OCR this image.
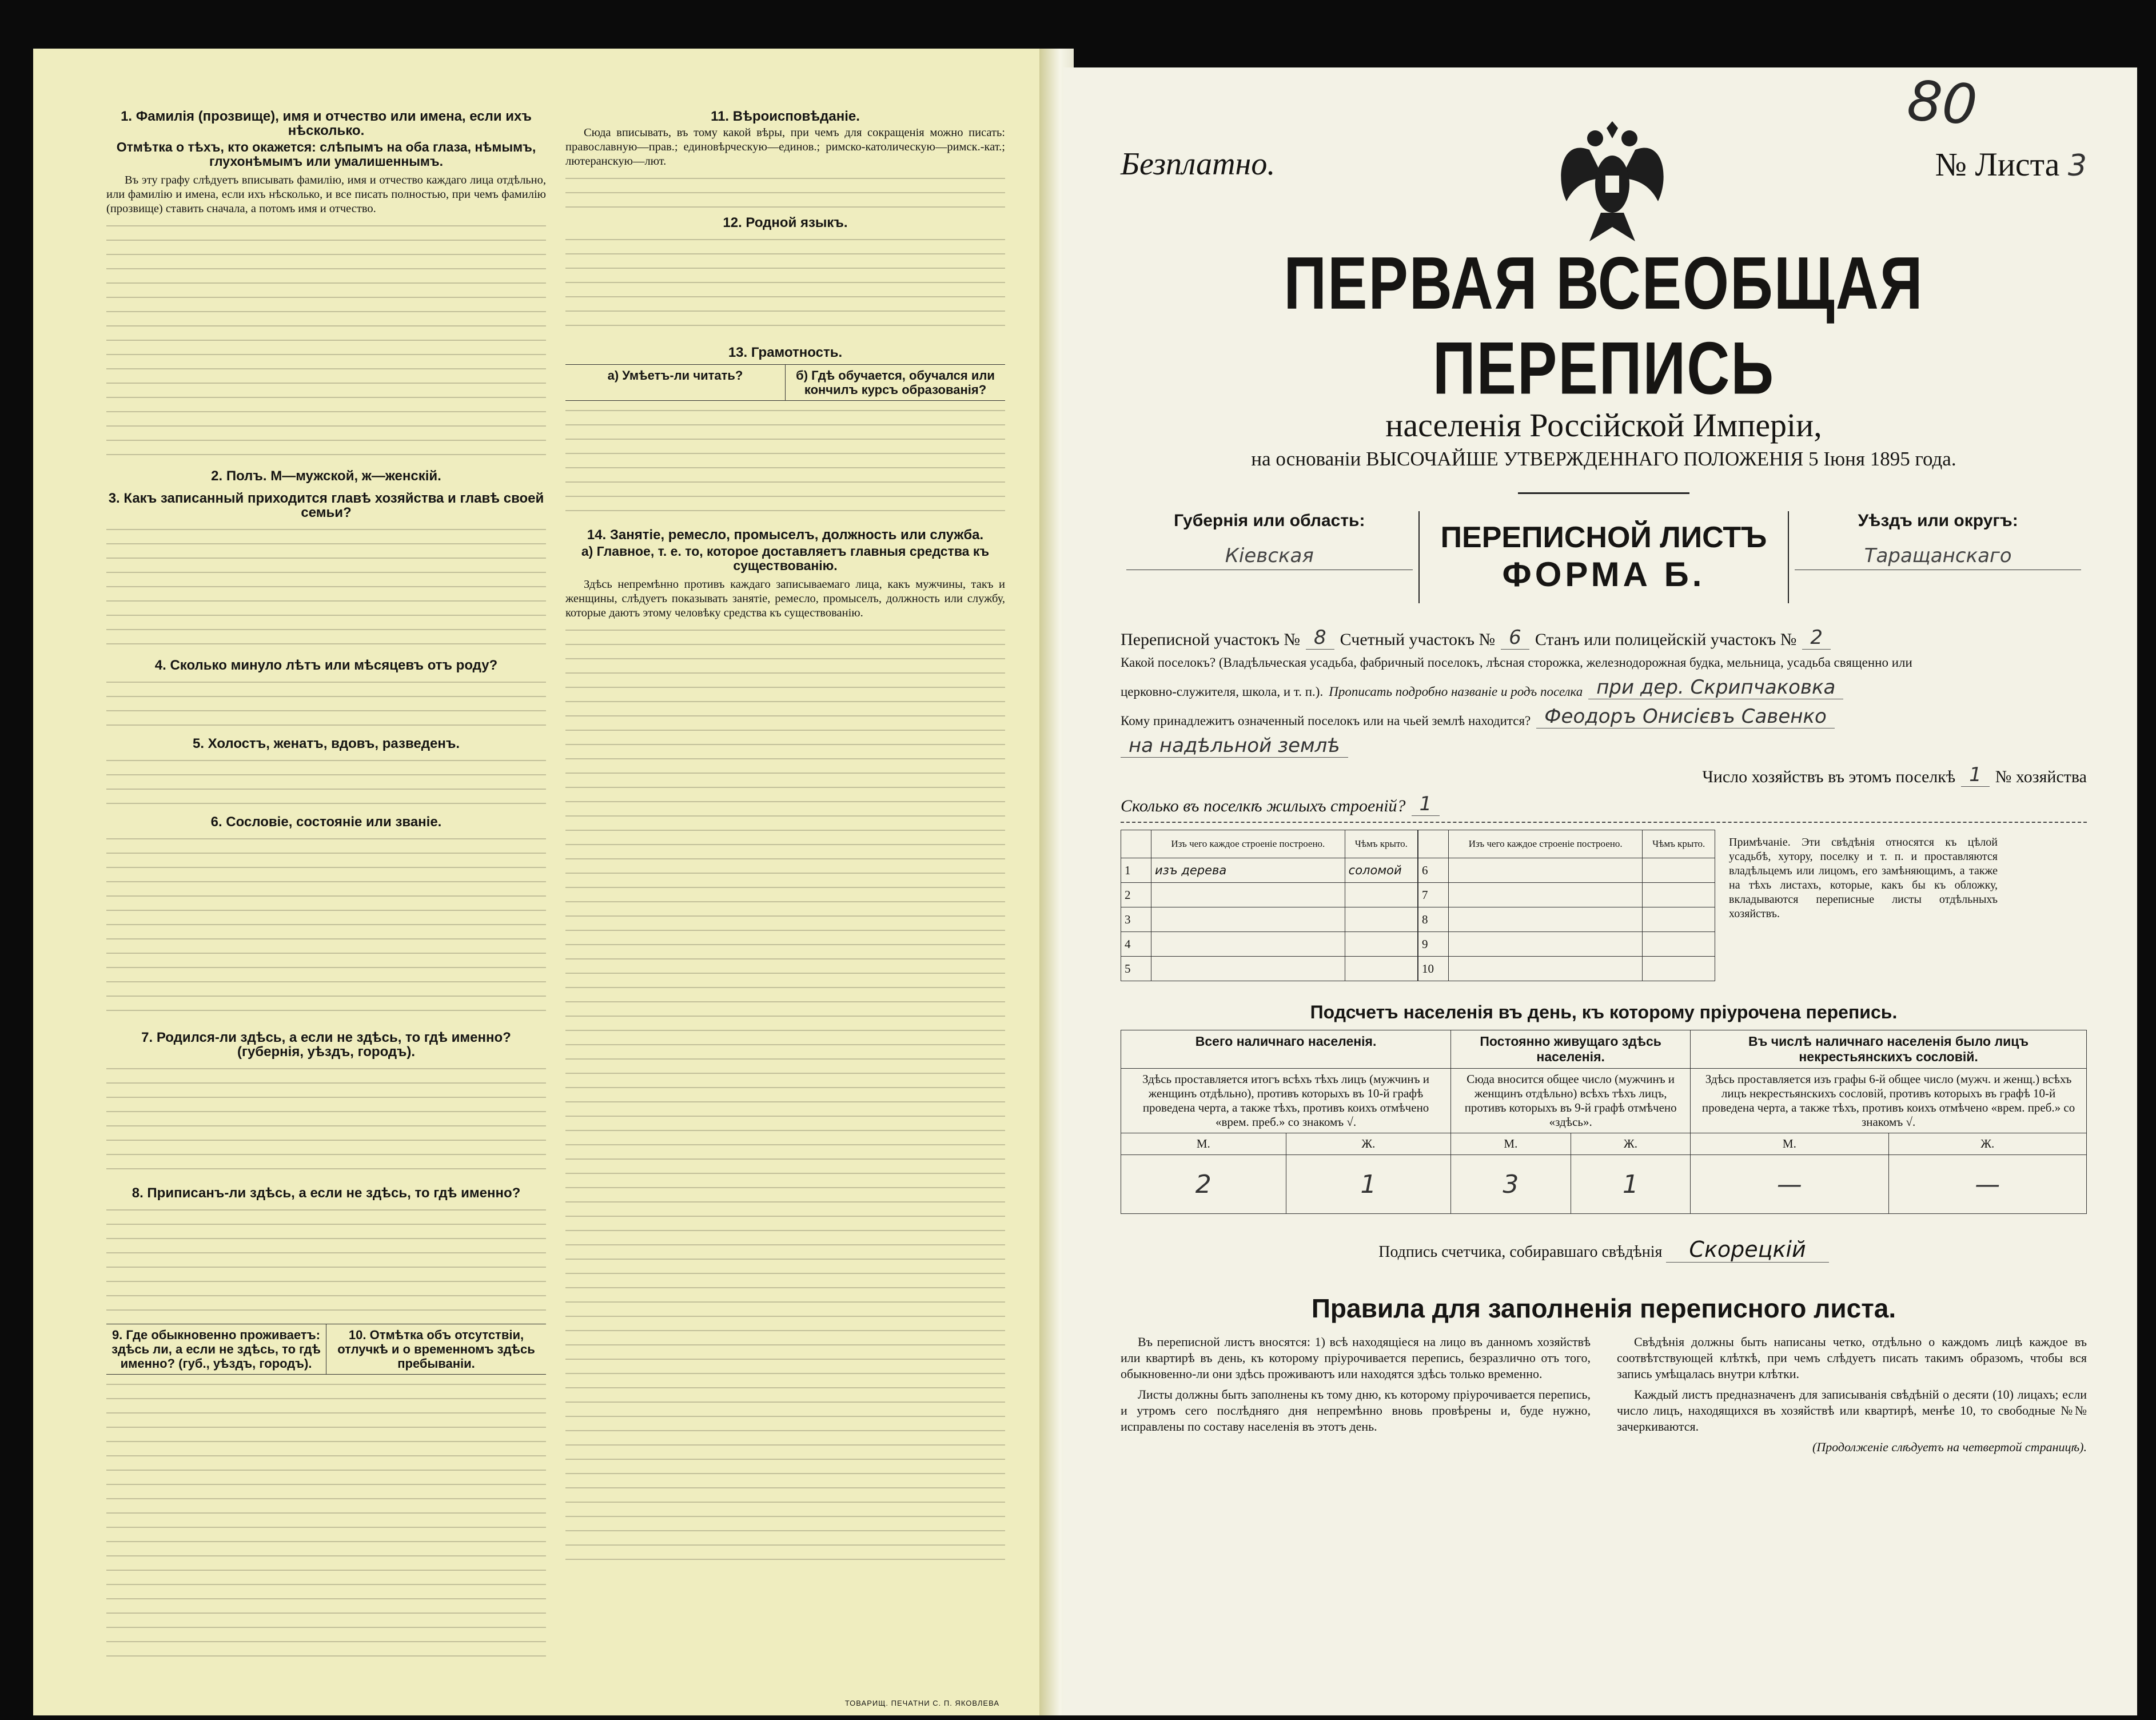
1. Фамилія (прозвище), имя и отчество или имена, если ихъ нѣсколько.
Отмѣтка о тѣхъ, кто окажется: слѣпымъ на оба глаза, нѣмымъ, глухонѣмымъ или умалишеннымъ.

Въ эту графу слѣдуетъ вписывать фамилію, имя и отчество каждаго лица отдѣльно, или фамилію и имена, если ихъ нѣсколько, и все писать полностью, при чемъ фамилію (прозвище) ставить сначала, а потомъ имя и отчество.

2. Полъ. М—мужской, ж—женскій.
3. Какъ записанный приходится главѣ хозяйства и главѣ своей семьи?
4. Сколько минуло лѣтъ или мѣсяцевъ отъ роду?
5. Холостъ, женатъ, вдовъ, разведенъ.
6. Сословіе, состояніе или званіе.
7. Родился-ли здѣсь, а если не здѣсь, то гдѣ именно? (губернія, уѣздъ, городъ).
8. Приписанъ-ли здѣсь, а если не здѣсь, то гдѣ именно?
9. Где обыкновенно проживаетъ: здѣсь ли, а если не здѣсь, то гдѣ именно? (губ., уѣздъ, городъ).
10. Отмѣтка объ отсутствіи, отлучкѣ и о временномъ здѣсь пребываніи.
11. Вѣроисповѣданіе.

Сюда вписывать, въ тому какой вѣры, при чемъ для сокращенія можно писать: православную—прав.; единовѣрческую—единов.; римско-католическую—римск.-кат.; лютеранскую—лют.

12. Родной языкъ.
13. Грамотность.
а) Умѣетъ-ли читать?	б) Гдѣ обучается, обучался или кончилъ курсъ образованія?
14. Занятіе, ремесло, промыселъ, должность или служба.
а) Главное, т. е. то, которое доставляетъ главныя средства къ существованію.

Здѣсь непремѣнно противъ каждаго записываемаго лица, какъ мужчины, такъ и женщины, слѣдуетъ показывать занятіе, ремесло, промыселъ, должность или службу, которые даютъ этому человѣку средства къ существованію.

ТОВАРИЩ. ПЕЧАТНИ С. П. ЯКОВЛЕВА
80
Безплатно.	№ Листа 3
ПЕРВАЯ ВСЕОБЩАЯ ПЕРЕПИСЬ
населенія Россійской Имперіи,
на основаніи ВЫСОЧАЙШЕ УТВЕРЖДЕННАГО ПОЛОЖЕНІЯ 5 Іюня 1895 года.
Губернія или область:
Кіевская
ПЕРЕПИСНОЙ ЛИСТЪ
ФОРМА Б.
Уѣздъ или округъ:
Таращанскаго
Переписной участокъ № 8 Счетный участокъ № 6 Станъ или полицейскій участокъ № 2
Какой поселокъ? (Владѣльческая усадьба, фабричный поселокъ, лѣсная сторожка, железнодорожная будка, мельница, усадьба священно или
церковно-служителя, школа, и т. п.). Прописать подробно названіе и родъ поселка при дер. Скрипчаковка
Кому принадлежитъ означенный поселокъ или на чьей землѣ находится? Феодоръ Онисієвъ Савенко
на надѣльной землѣ
Число хозяйствъ въ этомъ поселкѣ 1 № хозяйства
Сколько въ поселкѣ жилыхъ строеній? 1
	Изъ чего каждое строеніе построено.	Чѣмъ крыто.
1	изъ дерева	соломой
2		
3		
4		
5		
	Изъ чего каждое строеніе построено.	Чѣмъ крыто.
6		
7		
8		
9		
10		
Примѣчаніе. Эти свѣдѣнія относятся къ цѣлой усадьбѣ, хутору, поселку и т. п. и проставляются владѣльцемъ или лицомъ, его замѣняющимъ, а также на тѣхъ листахъ, которые, какъ бы къ обложку, вкладываются переписные листы отдѣльныхъ хозяйствъ.
Подсчетъ населенія въ день, къ которому пріурочена перепись.
Всего наличнаго населенія.		Постоянно живущаго здѣсь населенія.		Въ числѣ наличнаго населенія было лицъ некрестьянскихъ сословій.	
Здѣсь проставляется итогъ всѣхъ тѣхъ лицъ (мужчинъ и женщинъ отдѣльно), противъ которыхъ въ 10-й графѣ проведена черта, а также тѣхъ, противъ коихъ отмѣчено «врем. преб.» со знакомъ √.		Сюда вносится общее число (мужчинъ и женщинъ отдѣльно) всѣхъ тѣхъ лицъ, противъ которыхъ въ 9-й графѣ отмѣчено «здѣсь».		Здѣсь проставляется изъ графы 6-й общее число (мужч. и женщ.) всѣхъ лицъ некрестьянскихъ сословій, противъ которыхъ въ графѣ 10-й проведена черта, а также тѣхъ, противъ коихъ отмѣчено «врем. преб.» со знакомъ √.	
М.	Ж.	М.	Ж.	М.	Ж.
2	1	3	1	—	—
Подпись счетчика, собиравшаго свѣдѣнія Скорецкій
Правила для заполненія переписного листа.

Въ переписной листъ вносятся: 1) всѣ находящіеся на лицо въ данномъ хозяйствѣ или квартирѣ въ день, къ которому пріурочивается перепись, безразлично отъ того, обыкновенно-ли они здѣсь проживаютъ или находятся здѣсь только временно.

Листы должны быть заполнены къ тому дню, къ которому пріурочивается перепись, и утромъ сего послѣдняго дня непремѣнно вновь провѣрены и, буде нужно, исправлены по составу населенія въ этотъ день.

Свѣдѣнія должны быть написаны четко, отдѣльно о каждомъ лицѣ каждое въ соотвѣтствующей клѣткѣ, при чемъ слѣдуетъ писать такимъ образомъ, чтобы вся запись умѣщалась внутри клѣтки.

Каждый листъ предназначенъ для записыванія свѣдѣній о десяти (10) лицахъ; если число лицъ, находящихся въ хозяйствѣ или квартирѣ, менѣе 10, то свободные №№ зачеркиваются.

(Продолженіе слѣдуетъ на четвертой страницѣ).
